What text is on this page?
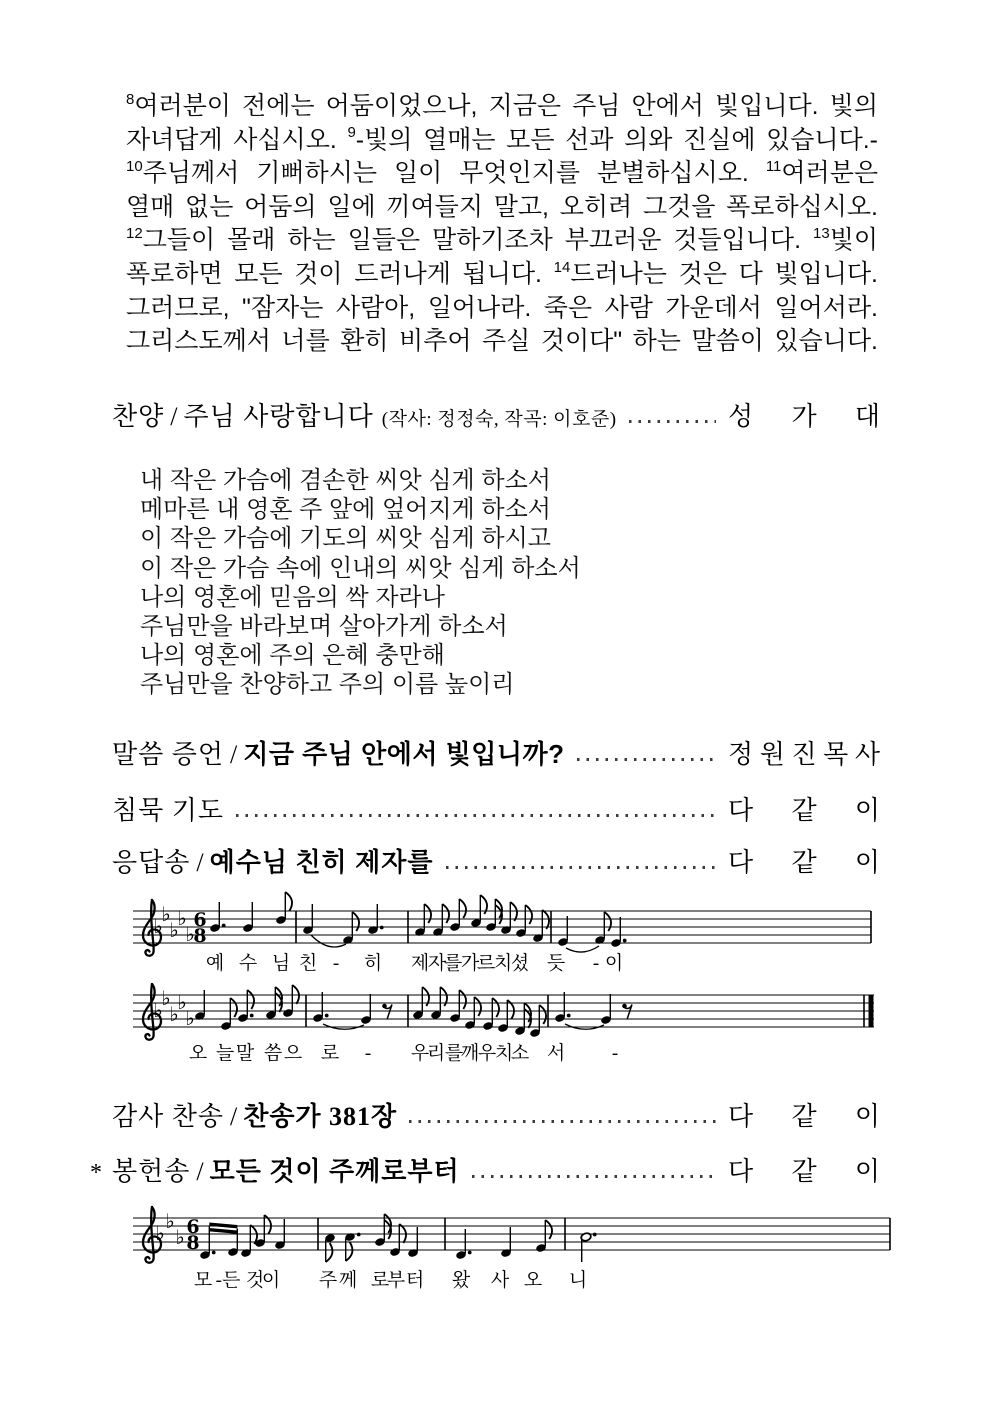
$^8$여러분이 전에는 어둠이었으나, 지금은 주님 안에서 빛입니다. 빛의
자녀답게 사십시오. $^9$-빛의 열매는 모든 선과 의와 진실에 있습니다.-
$^{10}$주님께서 기뻐하시는 일이 무엇인지를 분별하십시오. $^{11}$여러분은
열매 없는 어둠의 일에 끼여들지 말고, 오히려 그것을 폭로하십시오.
$^{12}$그들이 몰래 하는 일들은 말하기조차 부끄러운 것들입니다. $^{13}$빛이
폭로하면 모든 것이 드러나게 됩니다. $^{14}$드러나는 것은 다 빛입니다.
그러므로, "잠자는 사람아, 일어나라. 죽은 사람 가운데서 일어서라.
그리스도께서 너를 환히 비추어 주실 것이다" 하는 말씀이 있습니다.
내 작은 가슴에 겸손한 씨앗 심게 하소서
메마른 내 영혼 주 앞에 엎어지게 하소서
이 작은 가슴에 기도의 씨앗 심게 하시고
이 작은 가슴 속에 인내의 씨앗 심게 하소서
나의 영혼에 믿음의 싹 자라나
주님만을 바라보며 살아가게 하소서
나의 영혼에 주의 은혜 충만해
주님만을 찬양하고 주의 이름 높이리
찬양 / 주님 사랑합니다 (작사: 정정숙, 작곡: 이호준)	성 가 대
말씀 증언 / 지금 주님 안에서 빛입니까?	정 원 진 목 사
침묵 기도	다 같 이
응답송 / 예수님 친히 제자를	다 같 이
감사 찬송 / 찬송가 381장	다 같 이
* 봉헌송 / 모든 것이 주께로부터	다 같 이
♭
♭
♭
♭
♭
6
8
예 수 님 친 - 히 제
자
를
가
르
치
셨 듯 - 이
♭
♭
♭
♭
♭
오 늘 말 씀 으 로 - 우
리 를
깨
우
치
소 서 -
♭ ♭
♭ 6
8
모 -든 것
이 주 께 로
부 터 왔 사 오 니
